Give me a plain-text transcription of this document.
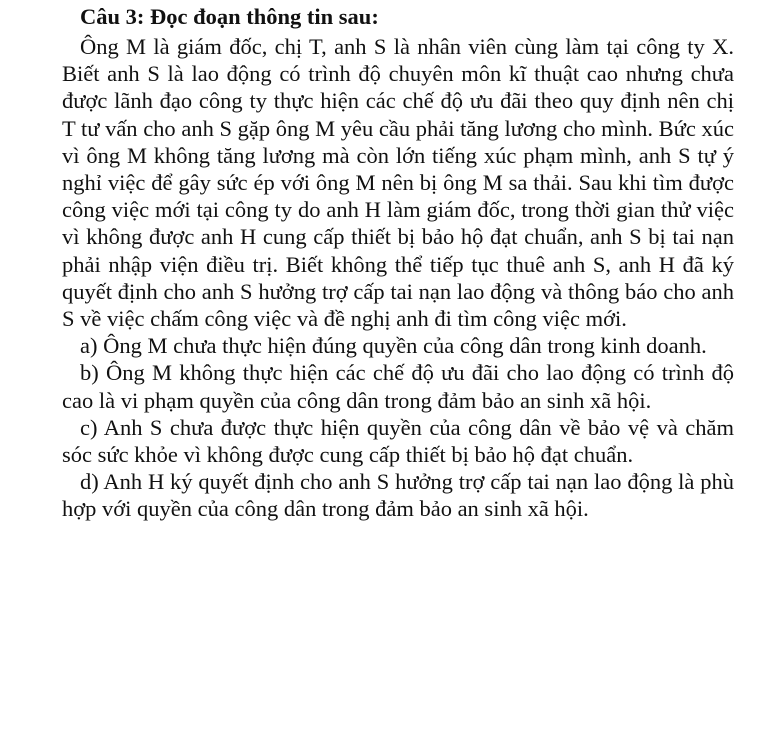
Câu 3: Đọc đoạn thông tin sau:

Ông M là giám đốc, chị T, anh S là nhân viên cùng làm tại công ty X. Biết anh S là lao động có trình độ chuyên môn kĩ thuật cao nhưng chưa được lãnh đạo công ty thực hiện các chế độ ưu đãi theo quy định nên chị T tư vấn cho anh S gặp ông M yêu cầu phải tăng lương cho mình. Bức xúc vì ông M không tăng lương mà còn lớn tiếng xúc phạm mình, anh S tự ý nghỉ việc để gây sức ép với ông M nên bị ông M sa thải. Sau khi tìm được công việc mới tại công ty do anh H làm giám đốc, trong thời gian thử việc vì không được anh H cung cấp thiết bị bảo hộ đạt chuẩn, anh S bị tai nạn phải nhập viện điều trị. Biết không thể tiếp tục thuê anh S, anh H đã ký quyết định cho anh S hưởng trợ cấp tai nạn lao động và thông báo cho anh S về việc chấm công việc và đề nghị anh đi tìm công việc mới.

a) Ông M chưa thực hiện đúng quyền của công dân trong kinh doanh.

b) Ông M không thực hiện các chế độ ưu đãi cho lao động có trình độ cao là vi phạm quyền của công dân trong đảm bảo an sinh xã hội.

c) Anh S chưa được thực hiện quyền của công dân về bảo vệ và chăm sóc sức khỏe vì không được cung cấp thiết bị bảo hộ đạt chuẩn.

d) Anh H ký quyết định cho anh S hưởng trợ cấp tai nạn lao động là phù hợp với quyền của công dân trong đảm bảo an sinh xã hội.
